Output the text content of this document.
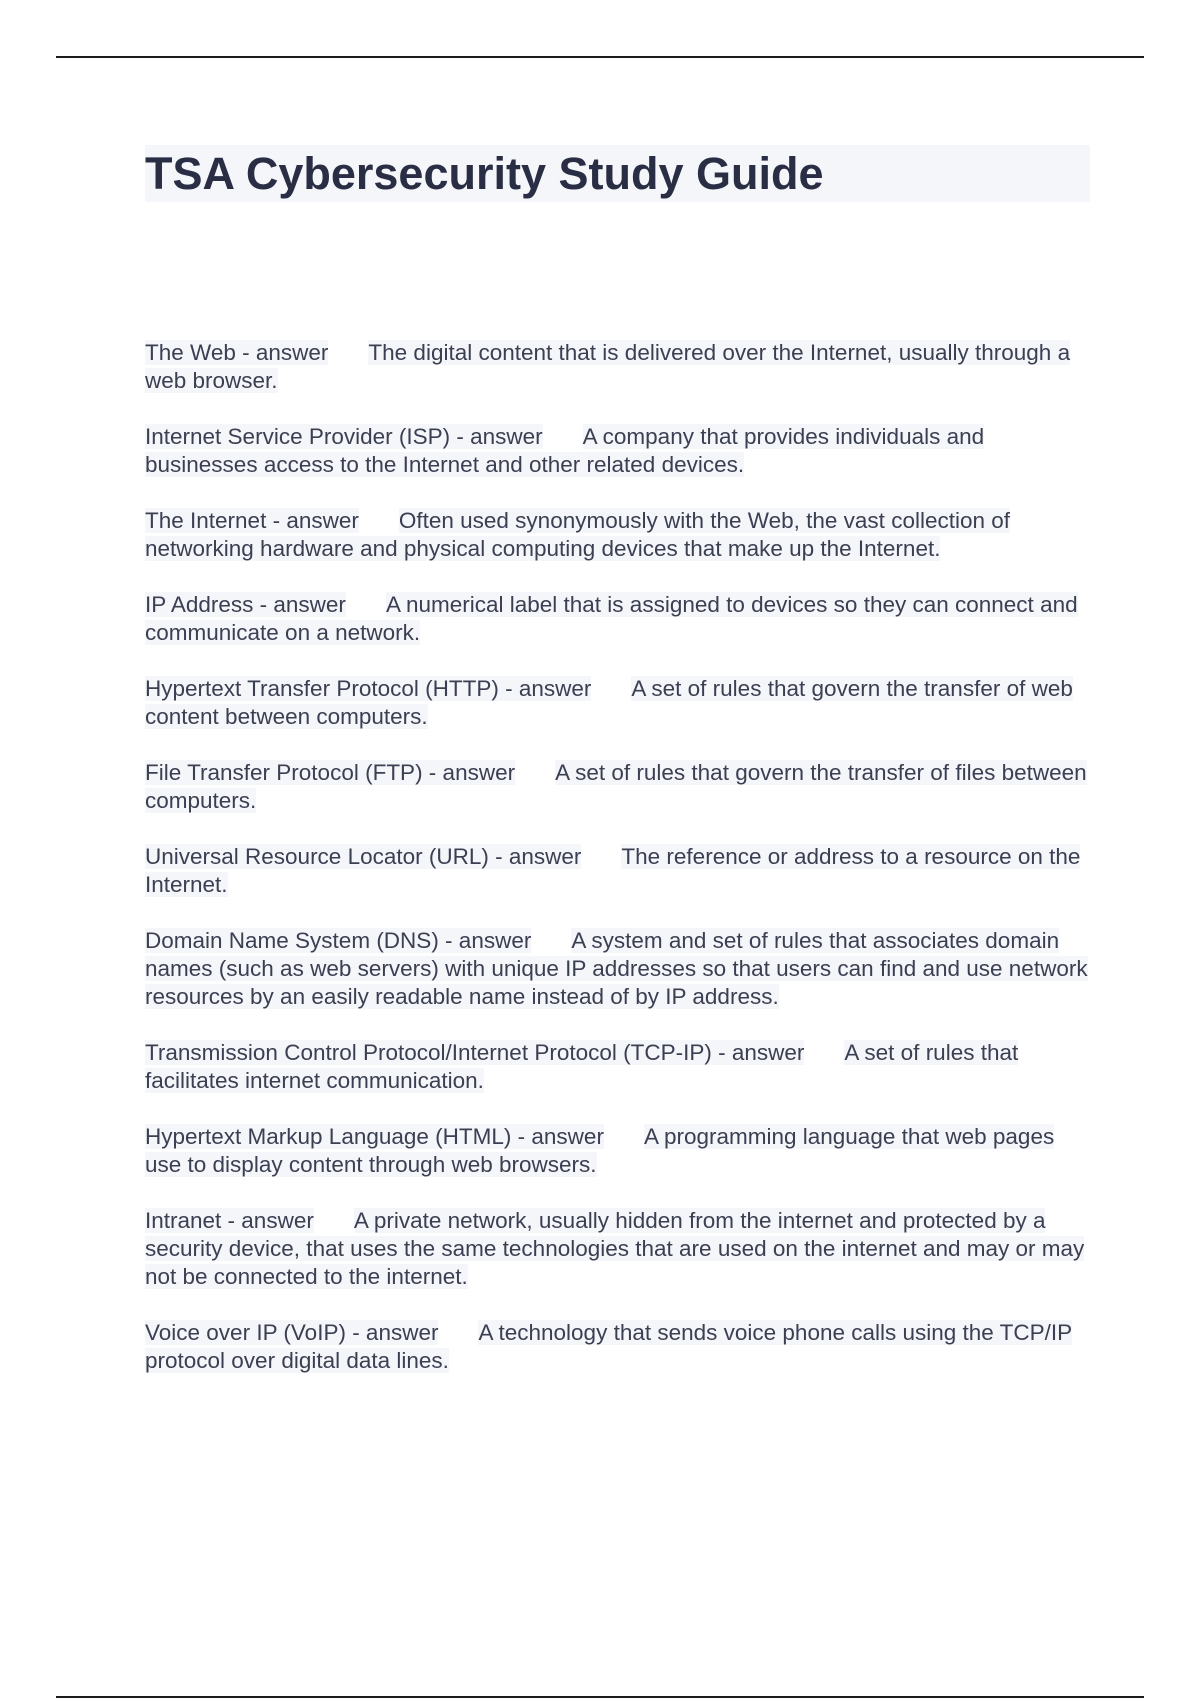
TSA Cybersecurity Study Guide

The Web - answer The digital content that is delivered over the Internet, usually through a web browser.

Internet Service Provider (ISP) - answer A company that provides individuals and businesses access to the Internet and other related devices.

The Internet - answer Often used synonymously with the Web, the vast collection of networking hardware and physical computing devices that make up the Internet.

IP Address - answer A numerical label that is assigned to devices so they can connect and communicate on a network.

Hypertext Transfer Protocol (HTTP) - answer A set of rules that govern the transfer of web content between computers.

File Transfer Protocol (FTP) - answer A set of rules that govern the transfer of files between computers.

Universal Resource Locator (URL) - answer The reference or address to a resource on the Internet.

Domain Name System (DNS) - answer A system and set of rules that associates domain names (such as web servers) with unique IP addresses so that users can find and use network resources by an easily readable name instead of by IP address.

Transmission Control Protocol/Internet Protocol (TCP-IP) - answer A set of rules that facilitates internet communication.

Hypertext Markup Language (HTML) - answer A programming language that web pages use to display content through web browsers.

Intranet - answer A private network, usually hidden from the internet and protected by a security device, that uses the same technologies that are used on the internet and may or may not be connected to the internet.

Voice over IP (VoIP) - answer A technology that sends voice phone calls using the TCP/IP protocol over digital data lines.
